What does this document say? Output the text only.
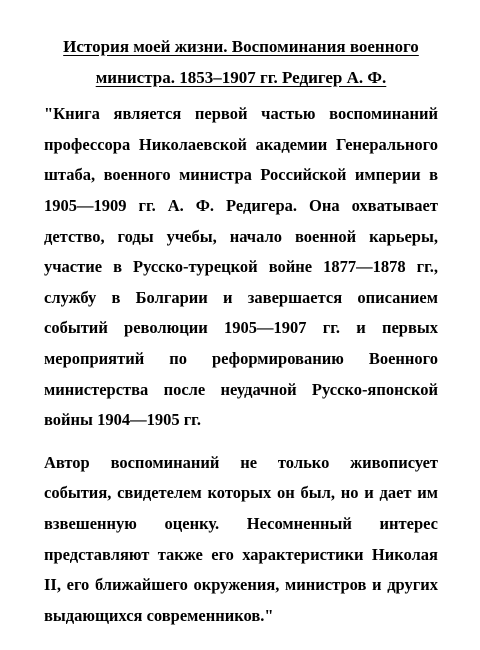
История моей жизни. Воспоминания военного министра. 1853–1907 гг. Редигер А. Ф.

"Книга является первой частью воспоминаний профессора Николаевской академии Генерального штаба, военного министра Российской империи в 1905—1909 гг. А. Ф. Редигера. Она охватывает детство, годы учебы, начало военной карьеры, участие в Русско-турецкой войне 1877—1878 гг., службу в Болгарии и завершается описанием событий революции 1905—1907 гг. и первых мероприятий по реформированию Военного министерства после неудачной Русско-японской войны 1904—1905 гг.

Автор воспоминаний не только живописует события, свидетелем которых он был, но и дает им взвешенную оценку. Несомненный интерес представляют также его характеристики Николая II, его ближайшего окружения, министров и других выдающихся современников."
